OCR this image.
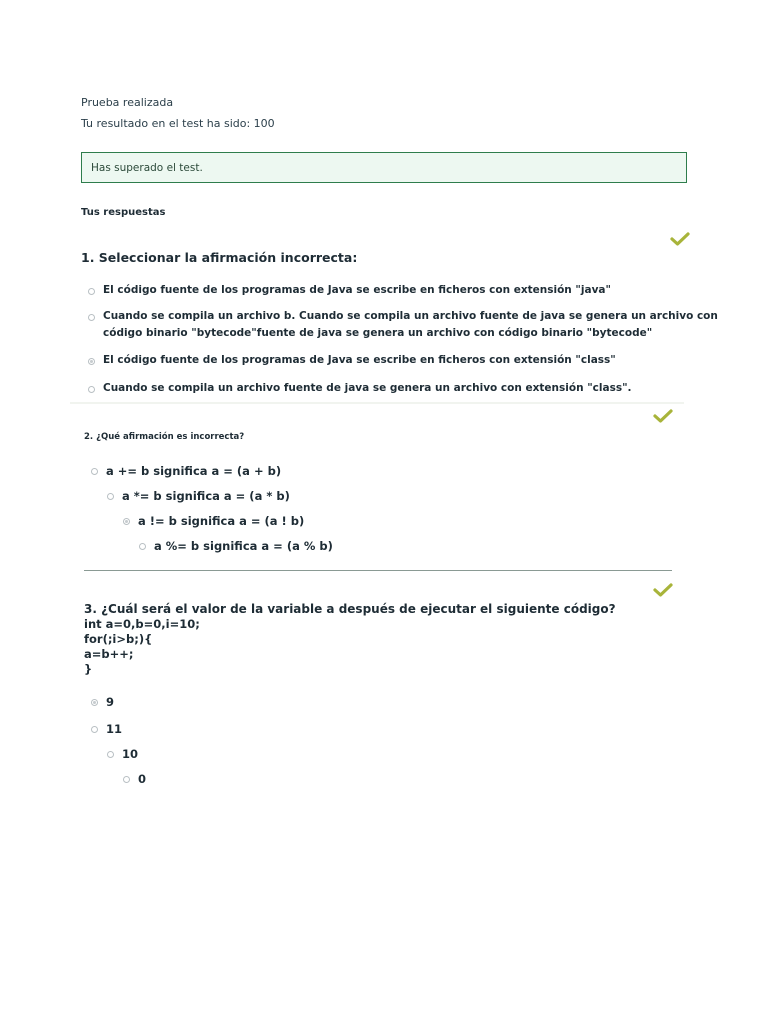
Prueba realizada
Tu resultado en el test ha sido: 100
Has superado el test.
Tus respuestas
1. Seleccionar la afirmación incorrecta:
El código fuente de los programas de Java se escribe en ficheros con extensión "java"
Cuando se compila un archivo b. Cuando se compila un archivo fuente de java se genera un archivo con
código binario "bytecode"fuente de java se genera un archivo con código binario "bytecode"
El código fuente de los programas de Java se escribe en ficheros con extensión "class"
Cuando se compila un archivo fuente de java se genera un archivo con extensión "class".
2. ¿Qué afirmación es incorrecta?
a += b significa a = (a + b)
a *= b significa a = (a * b)
a != b significa a = (a ! b)
a %= b significa a = (a % b)
3. ¿Cuál será el valor de la variable a después de ejecutar el siguiente código?
int a=0,b=0,i=10;
for(;i>b;){
a=b++;
}
9
11
10
0
